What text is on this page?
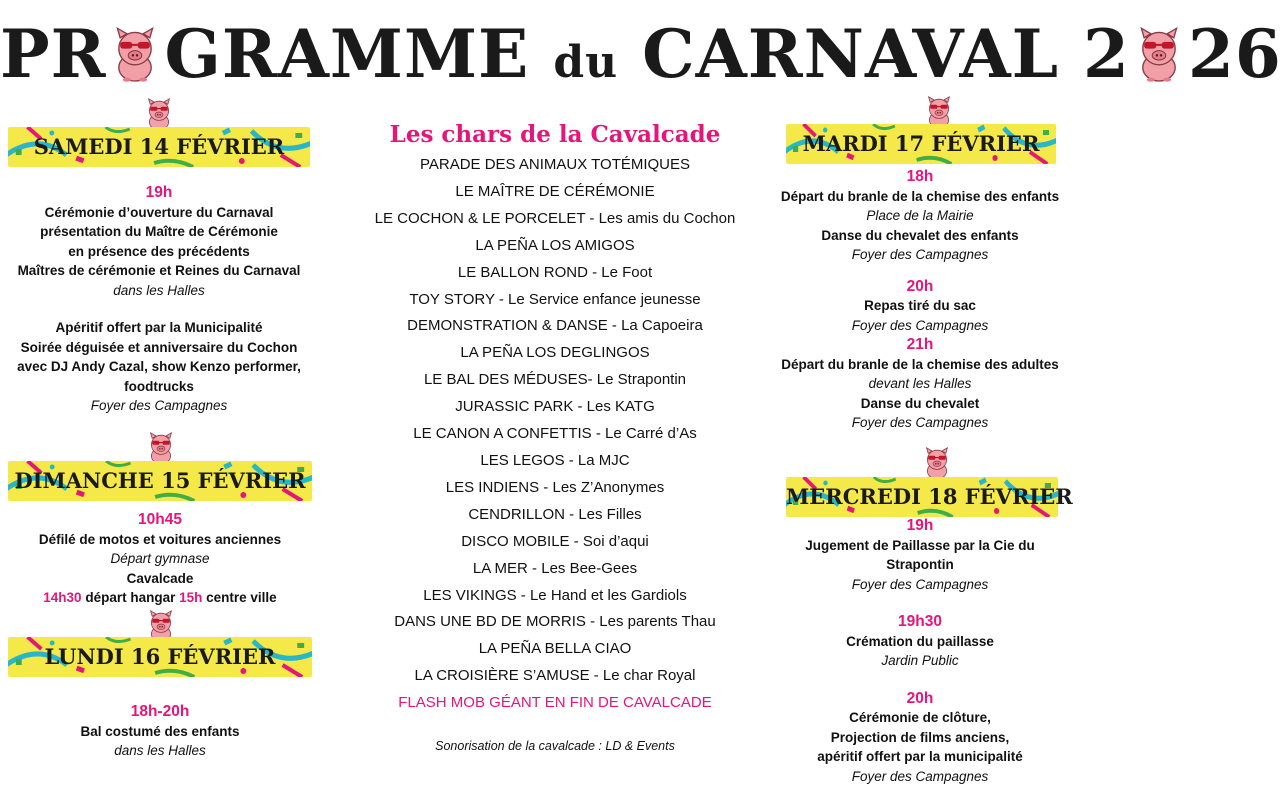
PR GRAMME du CARNAVAL 2 26
SAMEDI 14 FÉVRIER
19h
Cérémonie d’ouverture du Carnaval
présentation du Maître de Cérémonie
en présence des précédents
Maîtres de cérémonie et Reines du Carnaval
dans les Halles
Apéritif offert par la Municipalité
Soirée déguisée et anniversaire du Cochon
avec DJ Andy Cazal, show Kenzo performer,
foodtrucks
Foyer des Campagnes
DIMANCHE 15 FÉVRIER
10h45
Défilé de motos et voitures anciennes
Départ gymnase
Cavalcade
14h30 départ hangar 15h centre ville
LUNDI 16 FÉVRIER
18h-20h
Bal costumé des enfants
dans les Halles
Les chars de la Cavalcade
PARADE DES ANIMAUX TOTÉMIQUES
LE MAÎTRE DE CÉRÉMONIE
LE COCHON & LE PORCELET - Les amis du Cochon
LA PEÑA LOS AMIGOS
LE BALLON ROND - Le Foot
TOY STORY - Le Service enfance jeunesse
DEMONSTRATION & DANSE - La Capoeira
LA PEÑA LOS DEGLINGOS
LE BAL DES MÉDUSES- Le Strapontin
JURASSIC PARK - Les KATG
LE CANON A CONFETTIS - Le Carré d’As
LES LEGOS - La MJC
LES INDIENS - Les Z’Anonymes
CENDRILLON - Les Filles
DISCO MOBILE - Soi d’aqui
LA MER - Les Bee-Gees
LES VIKINGS - Le Hand et les Gardiols
DANS UNE BD DE MORRIS - Les parents Thau
LA PEÑA BELLA CIAO
LA CROISIÈRE S’AMUSE - Le char Royal
FLASH MOB GÉANT EN FIN DE CAVALCADE
Sonorisation de la cavalcade : LD & Events
MARDI 17 FÉVRIER
18h
Départ du branle de la chemise des enfants
Place de la Mairie
Danse du chevalet des enfants
Foyer des Campagnes
20h
Repas tiré du sac
Foyer des Campagnes
21h
Départ du branle de la chemise des adultes
devant les Halles
Danse du chevalet
Foyer des Campagnes
MERCREDI 18 FÉVRIER
19h
Jugement de Paillasse par la Cie du Strapontin
Foyer des Campagnes
19h30
Crémation du paillasse
Jardin Public
20h
Cérémonie de clôture,
Projection de films anciens,
apéritif offert par la municipalité
Foyer des Campagnes
